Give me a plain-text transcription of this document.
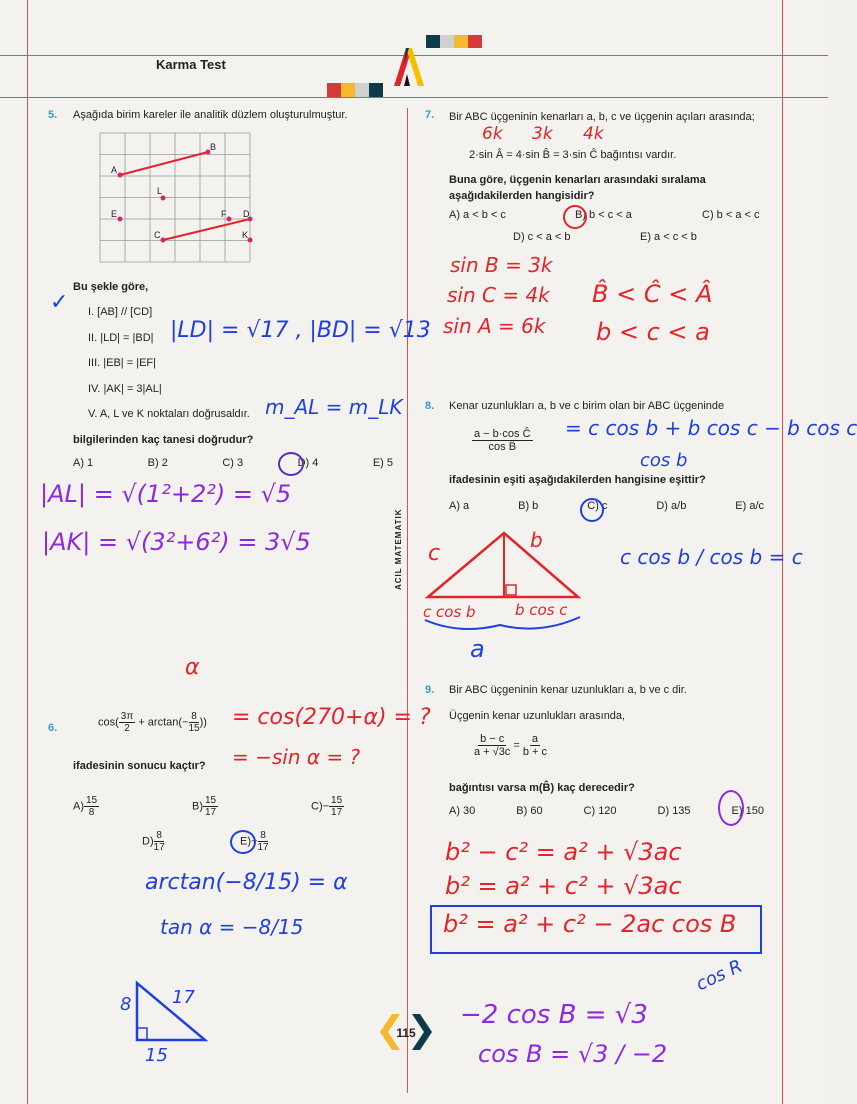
Karma Test
5. Aşağıda birim kareler ile analitik düzlem oluşturulmuştur.
A
B
L
E	F D
C	K
Bu şekle göre,
I. [AB] // [CD]
II. |LD| = |BD|
III. |EB| = |EF|
IV. |AK| = 3|AL|
V. A, L ve K noktaları doğrusaldır.
bilgilerinden kaç tanesi doğrudur?
A) 1	B) 2	C) 3	D) 4	E) 5
✓
|LD| = √17 , |BD| = √13
m_AL = m_LK
|AL| = √(1²+2²) = √5
|AK| = √(3²+6²) = 3√5
6.	$\cos( \frac{3\pi}{2} + \arctan(- \frac{8}{15}$ ))
ifadesinin sonucu kaçtır?
$A) \frac{15}{8}$	$B) \frac{15}{17}$	$C)- \frac{15}{17}$
$D) \frac{8}{17}$	$E)- \frac{8}{17}$
α
= cos(270+α) = ?
= −sin α = ?
arctan(−8/15) = α
tan α = −8/15
8 17
15
7. Bir ABC üçgeninin kenarları a, b, c ve üçgenin açıları arasında;
2·sin Â = 4·sin B̂ = 3·sin Ĉ bağıntısı vardır.
Buna göre, üçgenin kenarları arasındaki sıralama aşağıdakilerden hangisidir?
A) a < b < c	B) b < c < a	C) b < a < c
D) c < a < b	E) a < c < b
6k 3k 4k
sin B = 3k
sin C = 4k
sin A = 6k
B̂ < Ĉ < Â
b < c < a
8. Kenar uzunlukları a, b ve c birim olan bir ABC üçgeninde
$\frac{\text{a − b·cos Ĉ}}{\text{cos B̂}}$
ifadesinin eşiti aşağıdakilerden hangisine eşittir?
A) a	B) b	C) c	D) a/b	E) a/c
= c cos b + b cos c − b cos c
cos b
c
b
c cos b	b cos c
a
c cos b / cos b = c
ACIL MATEMATIK
9. Bir ABC üçgeninin kenar uzunlukları a, b ve c dir.
Üçgenin kenar uzunlukları arasında,
$\frac{b - c}{a + √3c} = \frac{a}{b + c}$
bağıntısı varsa m(B̂) kaç derecedir?
A) 30	B) 60	C) 120	D) 135	E) 150
b² − c² = a² + √3ac
b² = a² + c² + √3ac
b² = a² + c² − 2ac cos B
−2 cos B = √3
cos B = √3 / −2
cos R
115
